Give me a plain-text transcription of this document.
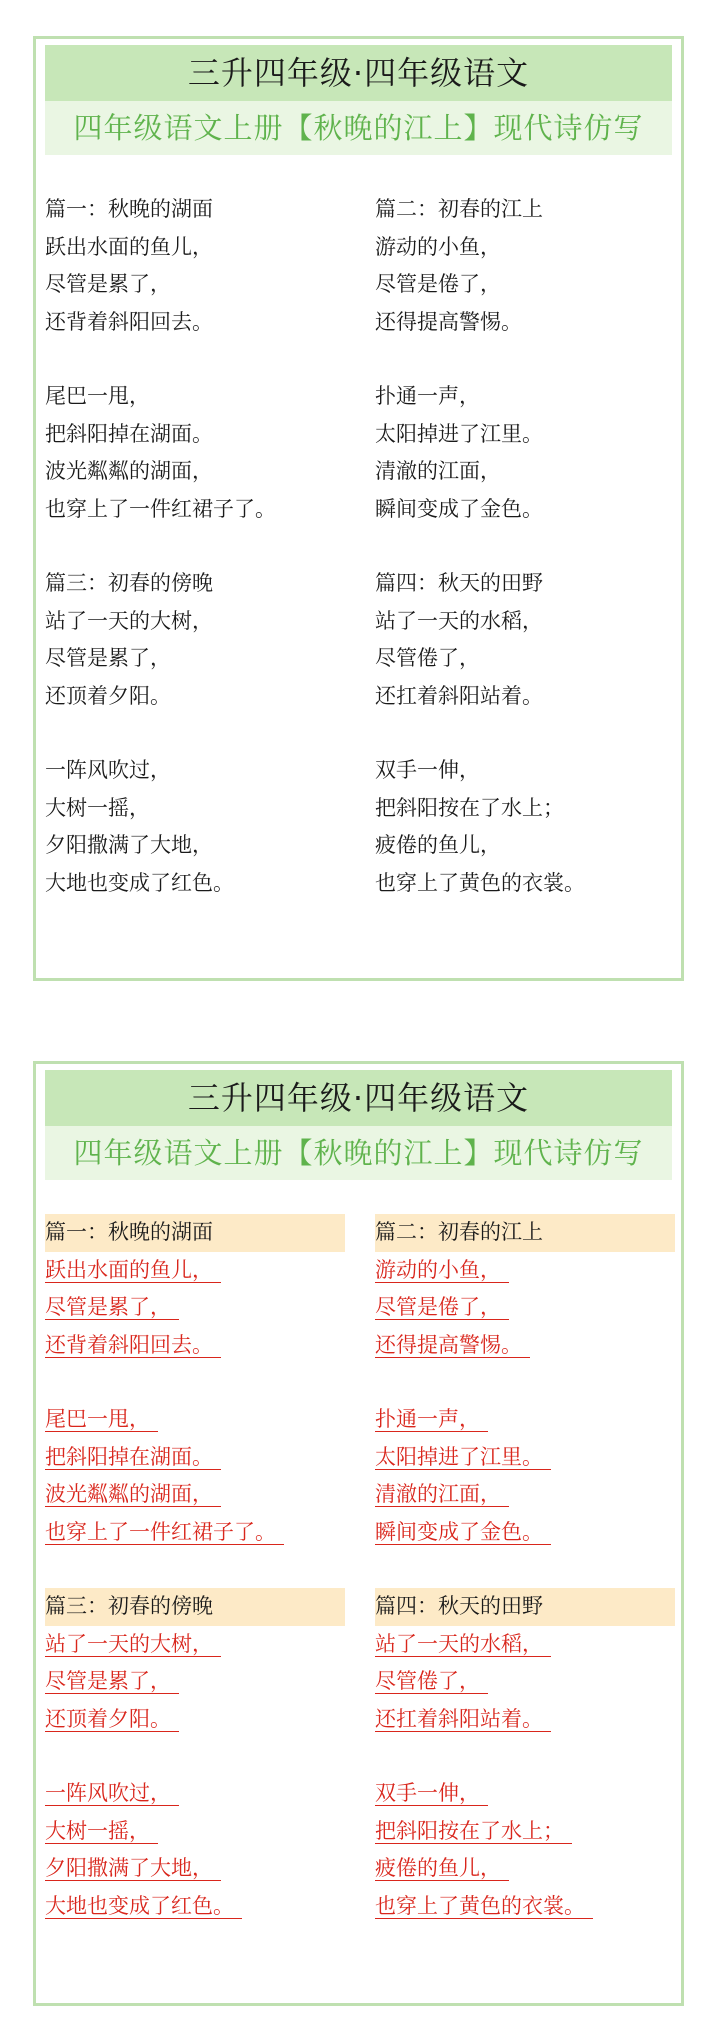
三升四年级·四年级语文
四年级语文上册【秋晚的江上】现代诗仿写
篇一：秋晚的湖面
跃出水面的鱼儿，
尽管是累了，
还背着斜阳回去。
尾巴一甩，
把斜阳掉在湖面。
波光粼粼的湖面，
也穿上了一件红裙子了。
篇三：初春的傍晚
站了一天的大树，
尽管是累了，
还顶着夕阳。
一阵风吹过，
大树一摇，
夕阳撒满了大地，
大地也变成了红色。
篇二：初春的江上
游动的小鱼，
尽管是倦了，
还得提高警惕。
扑通一声，
太阳掉进了江里。
清澈的江面，
瞬间变成了金色。
篇四：秋天的田野
站了一天的水稻，
尽管倦了，
还扛着斜阳站着。
双手一伸，
把斜阳按在了水上；
疲倦的鱼儿，
也穿上了黄色的衣裳。
三升四年级·四年级语文
四年级语文上册【秋晚的江上】现代诗仿写
篇一：秋晚的湖面
跃出水面的鱼儿，
尽管是累了，
还背着斜阳回去。
尾巴一甩，
把斜阳掉在湖面。
波光粼粼的湖面，
也穿上了一件红裙子了。
篇三：初春的傍晚
站了一天的大树，
尽管是累了，
还顶着夕阳。
一阵风吹过，
大树一摇，
夕阳撒满了大地，
大地也变成了红色。
篇二：初春的江上
游动的小鱼，
尽管是倦了，
还得提高警惕。
扑通一声，
太阳掉进了江里。
清澈的江面，
瞬间变成了金色。
篇四：秋天的田野
站了一天的水稻，
尽管倦了，
还扛着斜阳站着。
双手一伸，
把斜阳按在了水上；
疲倦的鱼儿，
也穿上了黄色的衣裳。
